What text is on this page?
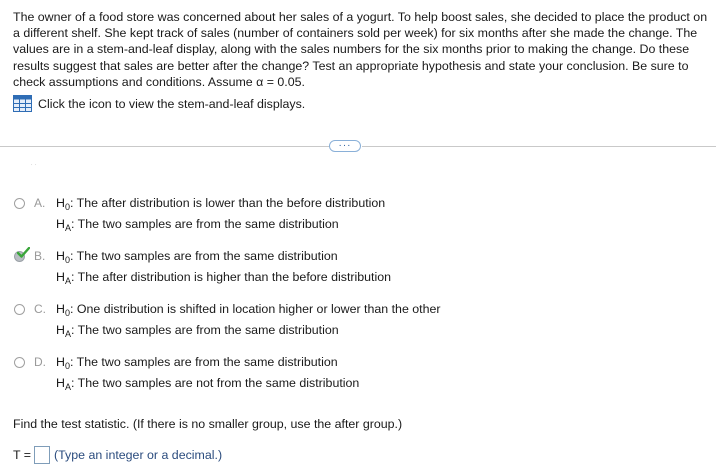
The owner of a food store was concerned about her sales of a yogurt. To help boost sales, she decided to place the product on a different shelf. She kept track of sales (number of containers sold per week) for six months after she made the change. The values are in a stem-and-leaf display, along with the sales numbers for the six months prior to making the change. Do these results suggest that sales are better after the change? Test an appropriate hypothesis and state your conclusion. Be sure to check assumptions and conditions. Assume α = 0.05.

Click the icon to view the stem-and-leaf displays.
···
ˑˑ
A. $H_0$: The after distribution is lower than the before distribution
$H_A$: The two samples are from the same distribution
B. $H_0$: The two samples are from the same distribution
$H_A$: The after distribution is higher than the before distribution
C. $H_0$: One distribution is shifted in location higher or lower than the other
$H_A$: The two samples are from the same distribution
D. $H_0$: The two samples are from the same distribution
$H_A$: The two samples are not from the same distribution
Find the test statistic. (If there is no smaller group, use the after group.)
T = (Type an integer or a decimal.)
